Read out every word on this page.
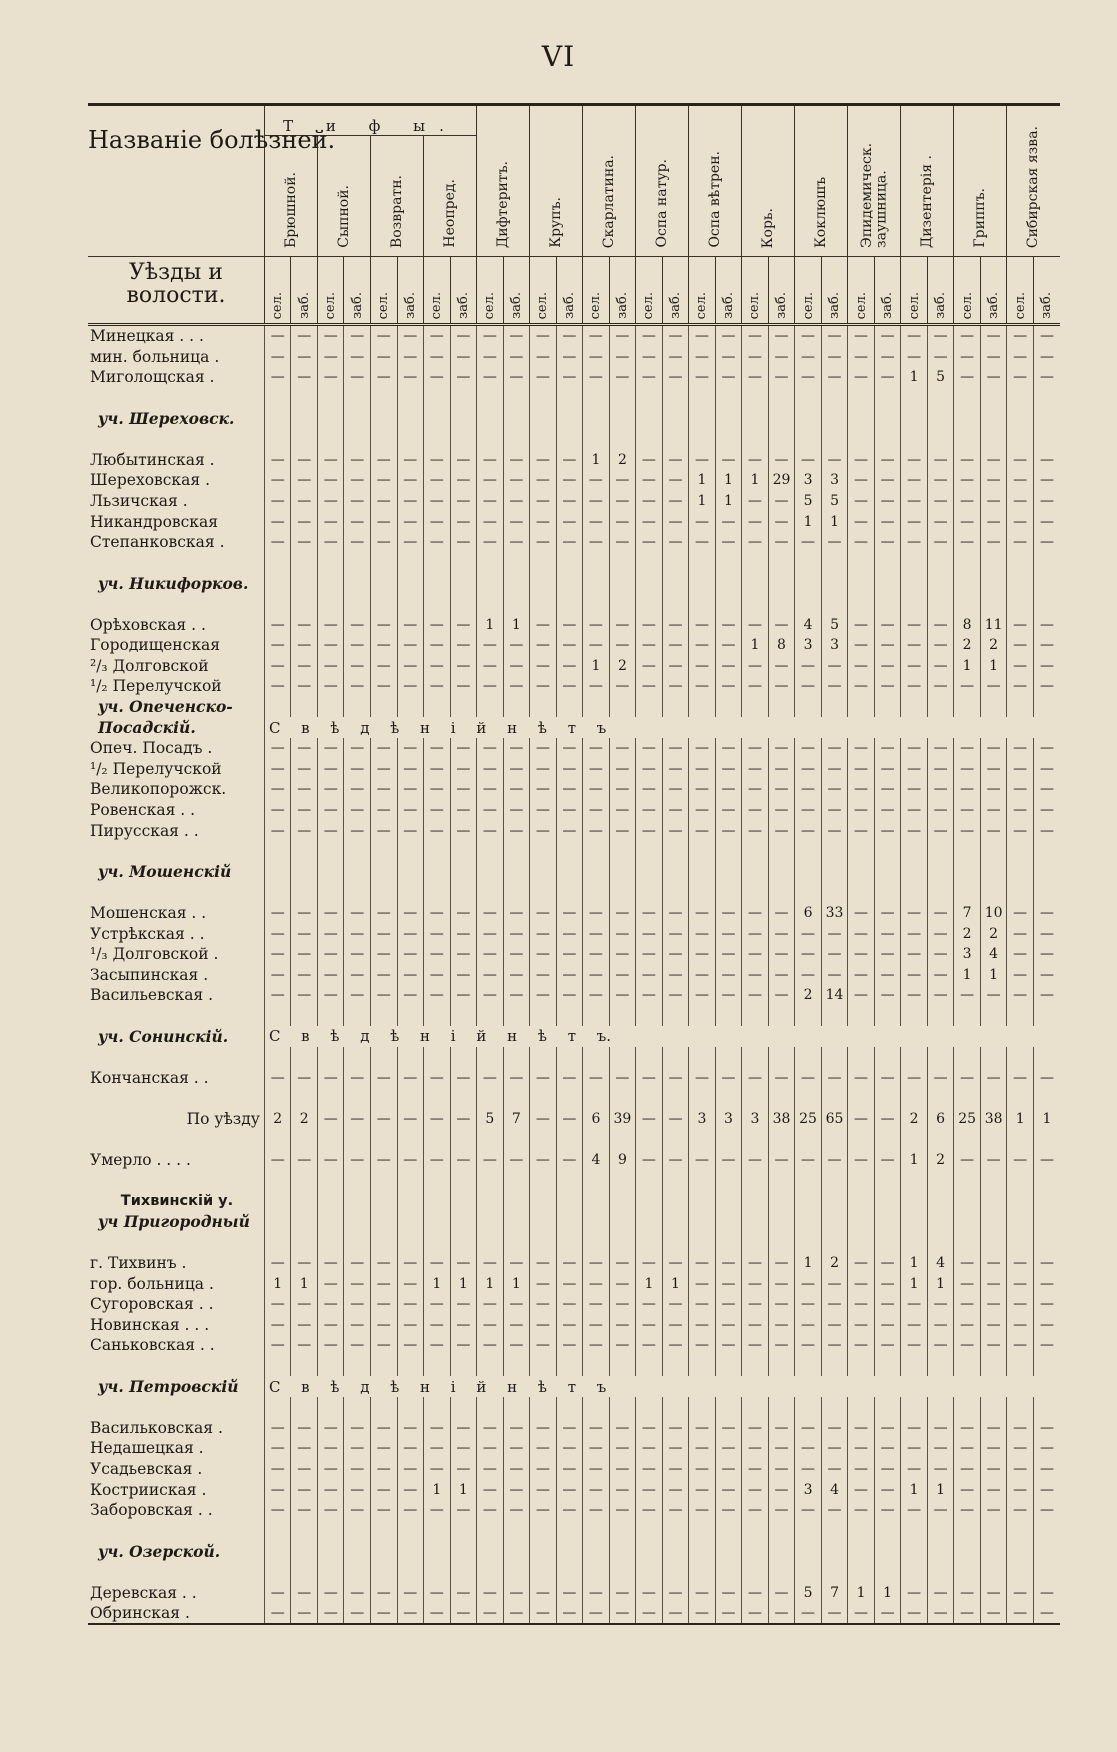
VI
Названіе болѣзней.	Т и ф ы.								Дифтеритъ.		Крупъ.		Скарлатина.		Оспа натур.		Оспа вѣтрен.		Корь.		Коклюшъ		Эпидемическ. заушница.		Дизентерія .		Гриппъ.		Сибирская язва.	
	Брюшной.		Сыпной.		Возвратн.		Неопред.																							

Уѣзды и волости.	сел.	заб.	сел.	заб.	сел.	заб.	сел.	заб.	сел.	заб.	сел.	заб.	сел.	заб.	сел.	заб.	сел.	заб.	сел.	заб.	сел.	заб.	сел.	заб.	сел.	заб.	сел.	заб.	сел.	заб.
Минецкая . . .	—	—	—	—	—	—	—	—	—	—	—	—	—	—	—	—	—	—	—	—	—	—	—	—	—	—	—	—	—	—
мин. больница .	—	—	—	—	—	—	—	—	—	—	—	—	—	—	—	—	—	—	—	—	—	—	—	—	—	—	—	—	—	—
Миголощская .	—	—	—	—	—	—	—	—	—	—	—	—	—	—	—	—	—	—	—	—	—	—	—	—	1	5	—	—	—	—

уч. Шереховск.																														

Любытинская .	—	—	—	—	—	—	—	—	—	—	—	—	1	2	—	—	—	—	—	—	—	—	—	—	—	—	—	—	—	—
Шереховская .	—	—	—	—	—	—	—	—	—	—	—	—	—	—	—	—	1	1	1	29	3	3	—	—	—	—	—	—	—	—
Льзичская .	—	—	—	—	—	—	—	—	—	—	—	—	—	—	—	—	1	1	—	—	5	5	—	—	—	—	—	—	—	—
Никандровская	—	—	—	—	—	—	—	—	—	—	—	—	—	—	—	—	—	—	—	—	1	1	—	—	—	—	—	—	—	—
Степанковская .	—	—	—	—	—	—	—	—	—	—	—	—	—	—	—	—	—	—	—	—	—	—	—	—	—	—	—	—	—	—

уч. Никифорков.																														

Орѣховская . .	—	—	—	—	—	—	—	—	1	1	—	—	—	—	—	—	—	—	—	—	4	5	—	—	—	—	8	11	—	—
Городищенская	—	—	—	—	—	—	—	—	—	—	—	—	—	—	—	—	—	—	1	8	3	3	—	—	—	—	2	2	—	—
²/₃ Долговской	—	—	—	—	—	—	—	—	—	—	—	—	1	2	—	—	—	—	—	—	—	—	—	—	—	—	1	1	—	—
¹/₂ Перелучской	—	—	—	—	—	—	—	—	—	—	—	—	—	—	—	—	—	—	—	—	—	—	—	—	—	—	—	—	—	—
уч. Опеченско-																														
Посадскій.	С в ѣ д ѣ н і й н ѣ т ъ																													

Опеч. Посадъ .	—	—	—	—	—	—	—	—	—	—	—	—	—	—	—	—	—	—	—	—	—	—	—	—	—	—	—	—	—	—
¹/₂ Перелучской	—	—	—	—	—	—	—	—	—	—	—	—	—	—	—	—	—	—	—	—	—	—	—	—	—	—	—	—	—	—
Великопорожск.	—	—	—	—	—	—	—	—	—	—	—	—	—	—	—	—	—	—	—	—	—	—	—	—	—	—	—	—	—	—
Ровенская . .	—	—	—	—	—	—	—	—	—	—	—	—	—	—	—	—	—	—	—	—	—	—	—	—	—	—	—	—	—	—
Пирусская . .	—	—	—	—	—	—	—	—	—	—	—	—	—	—	—	—	—	—	—	—	—	—	—	—	—	—	—	—	—	—

уч. Мошенскій																														

Мошенская . .	—	—	—	—	—	—	—	—	—	—	—	—	—	—	—	—	—	—	—	—	6	33	—	—	—	—	7	10	—	—
Устрѣкская . .	—	—	—	—	—	—	—	—	—	—	—	—	—	—	—	—	—	—	—	—	—	—	—	—	—	—	2	2	—	—
¹/₃ Долговской .	—	—	—	—	—	—	—	—	—	—	—	—	—	—	—	—	—	—	—	—	—	—	—	—	—	—	3	4	—	—
Засыпинская .	—	—	—	—	—	—	—	—	—	—	—	—	—	—	—	—	—	—	—	—	—	—	—	—	—	—	1	1	—	—
Васильевская .	—	—	—	—	—	—	—	—	—	—	—	—	—	—	—	—	—	—	—	—	2	14	—	—	—	—	—	—	—	—

уч. Сонинскій.	С в ѣ д ѣ н і й н ѣ т ъ.																													

Кончанская . .	—	—	—	—	—	—	—	—	—	—	—	—	—	—	—	—	—	—	—	—	—	—	—	—	—	—	—	—	—	—

По уѣзду	2	2	—	—	—	—	—	—	5	7	—	—	6	39	—	—	3	3	3	38	25	65	—	—	2	6	25	38	1	1

Умерло . . . .	—	—	—	—	—	—	—	—	—	—	—	—	4	9	—	—	—	—	—	—	—	—	—	—	1	2	—	—	—	—

Тихвинскій у.																														
уч Пригородный																														

г. Тихвинъ .	—	—	—	—	—	—	—	—	—	—	—	—	—	—	—	—	—	—	—	—	1	2	—	—	1	4	—	—	—	—
гор. больница .	1	1	—	—	—	—	1	1	1	1	—	—	—	—	1	1	—	—	—	—	—	—	—	—	1	1	—	—	—	—
Сугоровская . .	—	—	—	—	—	—	—	—	—	—	—	—	—	—	—	—	—	—	—	—	—	—	—	—	—	—	—	—	—	—
Новинская . . .	—	—	—	—	—	—	—	—	—	—	—	—	—	—	—	—	—	—	—	—	—	—	—	—	—	—	—	—	—	—
Саньковская . .	—	—	—	—	—	—	—	—	—	—	—	—	—	—	—	—	—	—	—	—	—	—	—	—	—	—	—	—	—	—

уч. Петровскій	С в ѣ д ѣ н і й н ѣ т ъ																													

Васильковская .	—	—	—	—	—	—	—	—	—	—	—	—	—	—	—	—	—	—	—	—	—	—	—	—	—	—	—	—	—	—
Недашецкая .	—	—	—	—	—	—	—	—	—	—	—	—	—	—	—	—	—	—	—	—	—	—	—	—	—	—	—	—	—	—
Усадьевская .	—	—	—	—	—	—	—	—	—	—	—	—	—	—	—	—	—	—	—	—	—	—	—	—	—	—	—	—	—	—
Кострииская .	—	—	—	—	—	—	1	1	—	—	—	—	—	—	—	—	—	—	—	—	3	4	—	—	1	1	—	—	—	—
Заборовская . .	—	—	—	—	—	—	—	—	—	—	—	—	—	—	—	—	—	—	—	—	—	—	—	—	—	—	—	—	—	—

уч. Озерской.																														

Деревская . .	—	—	—	—	—	—	—	—	—	—	—	—	—	—	—	—	—	—	—	—	5	7	1	1	—	—	—	—	—	—
Обринская .	—	—	—	—	—	—	—	—	—	—	—	—	—	—	—	—	—	—	—	—	—	—	—	—	—	—	—	—	—	—
